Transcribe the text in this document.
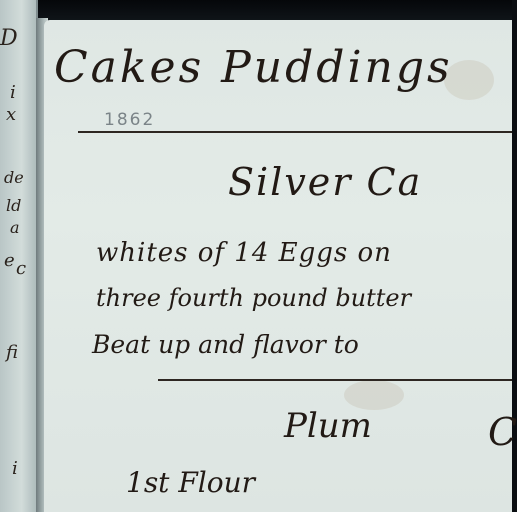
D
i
x
de
ld
a
e c
fi
i
Cakes Puddings
1862
Silver Ca
whites of 14 Eggs on
three fourth pound butter
Beat up and flavor to
Plum	C
1st Flour
